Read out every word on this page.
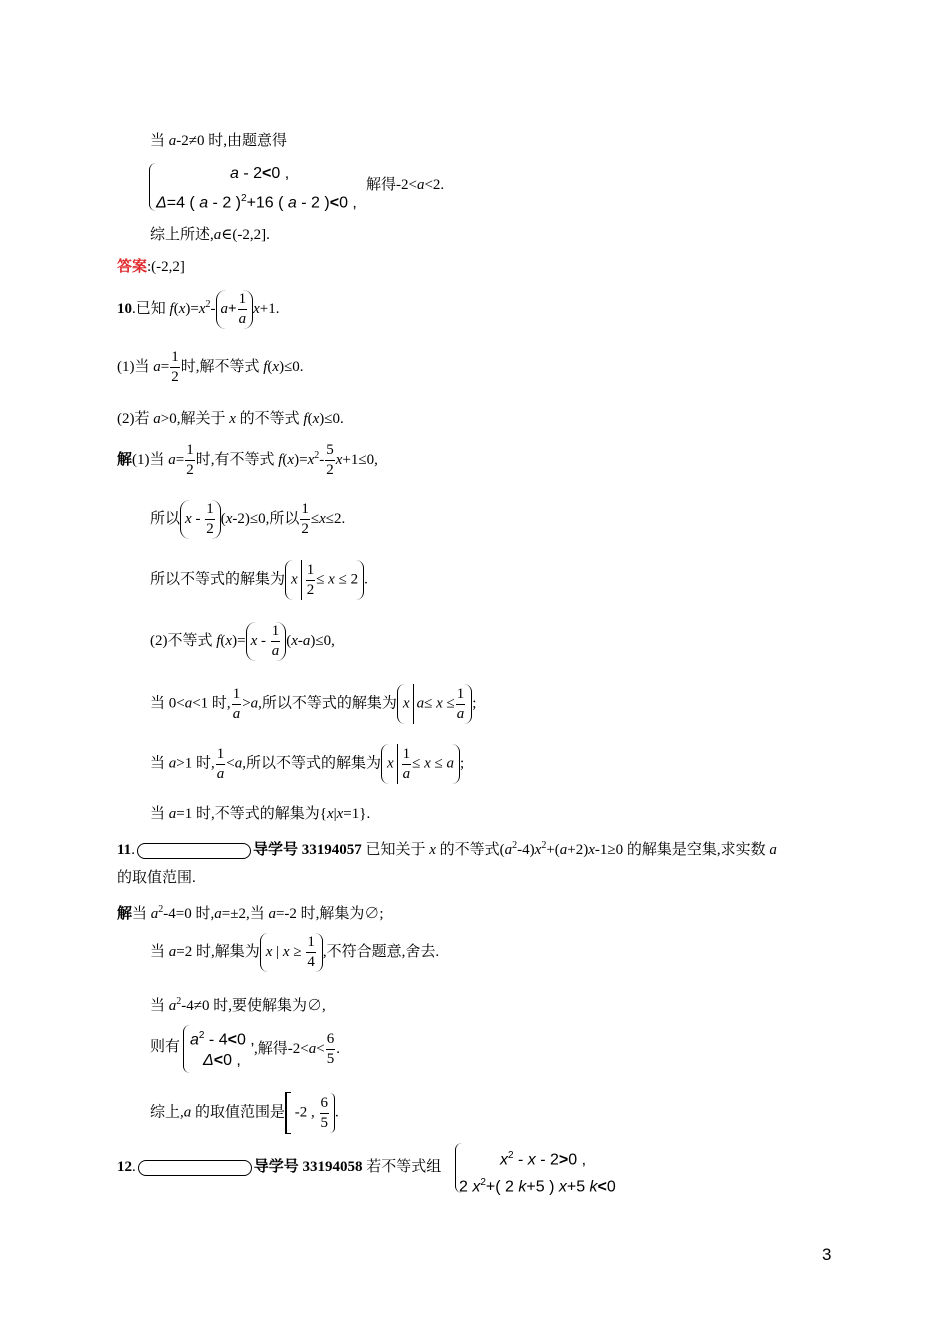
当 a-2≠0 时,由题意得
a - 2<0 ,
Δ=4 ( a - 2 )$^2$+16 ( a - 2 )<0 ,
解得-2<a<2.
综上所述,a∈(-2,2].
答案:(-2,2]
10.已知 $f(x)=x^2-$ $a+ \frac{1}{a} x+1$.
(1)当 $a= \frac{1}{2}$ 时,解不等式 f(x)≤0.
(2)若 a>0,解关于 x 的不等式 f(x)≤0.
解(1)当 $a= \frac{1}{2}$ 时,有不等式 $f(x)=x^2- \frac{5}{2} x+1\le 0$,
所以 $x - \frac{1}{2} (x-2)\le 0$,所以 $\frac{1}{2} \le x\le 2$.
所以不等式的解集为 x $\frac{1}{2} \le x \le 2$ .
(2)不等式 $f(x)= x - \frac{1}{a} (x-a)\le 0$,
当 0<a<1 时, $\frac{1}{a} >a$,所以不等式的解集为 x $a\le x \le \frac{1}{a}$ ;
当 a>1 时, $\frac{1}{a} <a$,所以不等式的解集为 x $\frac{1}{a} \le x \le a$ ;
当 a=1 时,不等式的解集为{x|x=1}.
11.	导学号 33194057 已知关于 x 的不等式$(a^2-4)x^2+(a+2)x-1\ge 0$ 的解集是空集,求实数 a
的取值范围.
解当 $a^2-4=0$ 时,a=±2,当 a=-2 时,解集为∅;
当 a=2 时,解集为 x | $x \ge \frac{1}{4}$ ,不符合题意,舍去.
当 $a^2-4\ne 0$ 时,要使解集为∅,
则有 $a^2 - 4<0$ ,
Δ<0 ,
,解得$-2<a< \frac{6}{5}$ .
综上,a 的取值范围是 -2 , $\frac{6}{5}$ .
12.	导学号 33194058 若不等式组	$x^2 - x - 2>0$ ,
2 $x^2+$( 2 k+5 ) x+5 k<0
3
